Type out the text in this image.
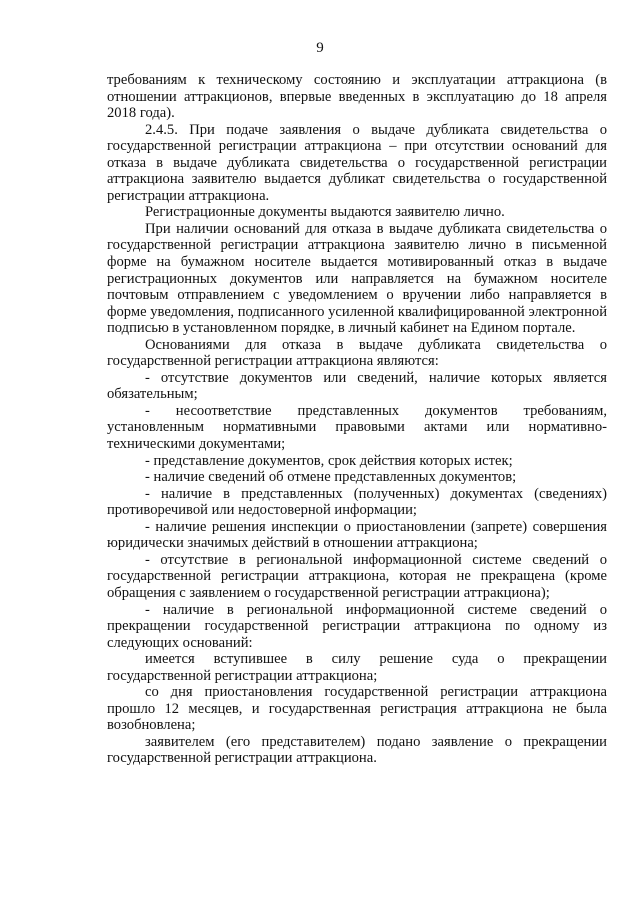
9

требованиям к техническому состоянию и эксплуатации аттракциона (в отношении аттракционов, впервые введенных в эксплуатацию до 18 апреля 2018 года).

2.4.5. При подаче заявления о выдаче дубликата свидетельства о государственной регистрации аттракциона – при отсутствии оснований для отказа в выдаче дубликата свидетельства о государственной регистрации аттракциона заявителю выдается дубликат свидетельства о государственной регистрации аттракциона.

Регистрационные документы выдаются заявителю лично.

При наличии оснований для отказа в выдаче дубликата свидетельства о государственной регистрации аттракциона заявителю лично в письменной форме на бумажном носителе выдается мотивированный отказ в выдаче регистрационных документов или направляется на бумажном носителе почтовым отправлением с уведомлением о вручении либо направляется в форме уведомления, подписанного усиленной квалифицированной электронной подписью в установленном порядке, в личный кабинет на Едином портале.

Основаниями для отказа в выдаче дубликата свидетельства о государственной регистрации аттракциона являются:

- отсутствие документов или сведений, наличие которых является обязательным;

- несоответствие представленных документов требованиям, установленным нормативными правовыми актами или нормативно-техническими документами;

- представление документов, срок действия которых истек;

- наличие сведений об отмене представленных документов;

- наличие в представленных (полученных) документах (сведениях) противоречивой или недостоверной информации;

- наличие решения инспекции о приостановлении (запрете) совершения юридически значимых действий в отношении аттракциона;

- отсутствие в региональной информационной системе сведений о государственной регистрации аттракциона, которая не прекращена (кроме обращения с заявлением о государственной регистрации аттракциона);

- наличие в региональной информационной системе сведений о прекращении государственной регистрации аттракциона по одному из следующих оснований:

имеется вступившее в силу решение суда о прекращении государственной регистрации аттракциона;

со дня приостановления государственной регистрации аттракциона прошло 12 месяцев, и государственная регистрация аттракциона не была возобновлена;

заявителем (его представителем) подано заявление о прекращении государственной регистрации аттракциона.
